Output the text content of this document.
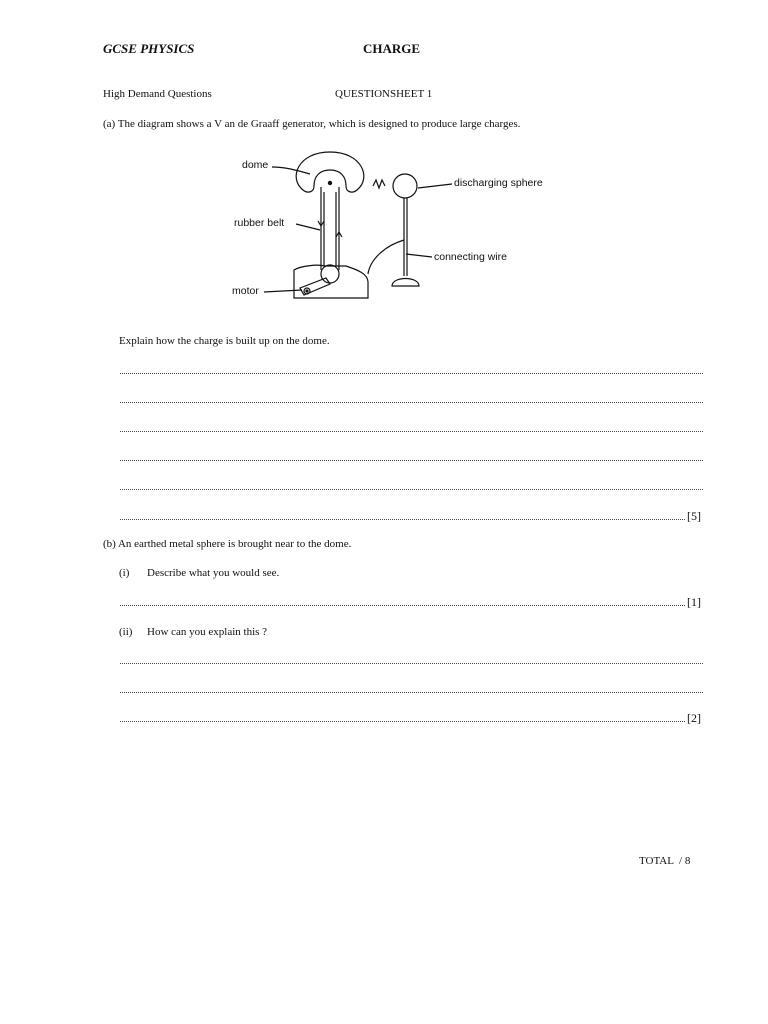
GCSE PHYSICS	CHARGE
High Demand Questions	QUESTIONSHEET 1
(a) The diagram shows a V an de Graaff generator, which is designed to produce large charges.
dome
rubber belt
motor
discharging sphere
connecting wire
Explain how the charge is built up on the dome.
[5]
(b) An earthed metal sphere is brought near to the dome.
(i) Describe what you would see.
[1]
(ii) How can you explain this ?
[2]
TOTAL  / 8
